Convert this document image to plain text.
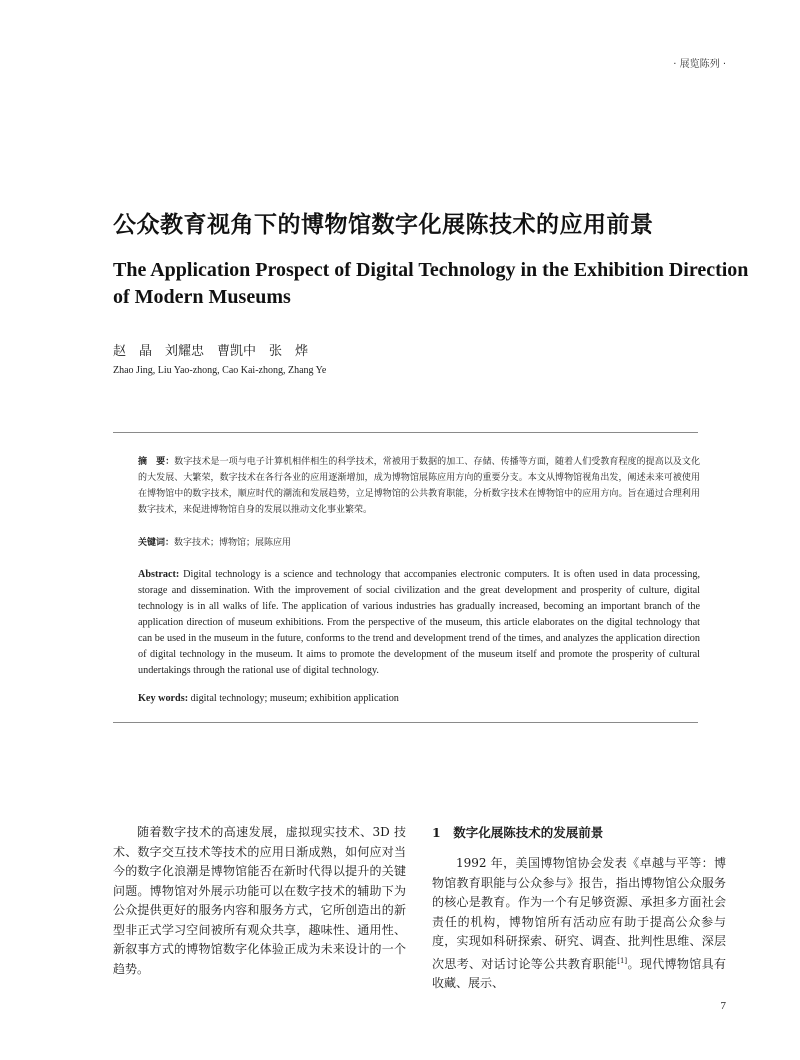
· 展览陈列 ·
公众教育视角下的博物馆数字化展陈技术的应用前景
The Application Prospect of Digital Technology in the Exhibition Direction of Modern Museums
赵　晶　刘耀忠　曹凯中　张　烨
Zhao Jing, Liu Yao-zhong, Cao Kai-zhong, Zhang Ye
摘　要：数字技术是一项与电子计算机相伴相生的科学技术，常被用于数据的加工、存储、传播等方面，随着人们受教育程度的提高以及文化的大发展、大繁荣，数字技术在各行各业的应用逐渐增加，成为博物馆展陈应用方向的重要分支。本文从博物馆视角出发，阐述未来可被使用在博物馆中的数字技术，顺应时代的潮流和发展趋势，立足博物馆的公共教育职能，分析数字技术在博物馆中的应用方向。旨在通过合理利用数字技术，来促进博物馆自身的发展以推动文化事业繁荣。
关键词：数字技术；博物馆；展陈应用
Abstract: Digital technology is a science and technology that accompanies electronic computers. It is often used in data processing, storage and dissemination. With the improvement of social civilization and the great development and prosperity of culture, digital technology is in all walks of life. The application of various industries has gradually increased, becoming an important branch of the application direction of museum exhibitions. From the perspective of the museum, this article elaborates on the digital technology that can be used in the museum in the future, conforms to the trend and development trend of the times, and analyzes the application direction of digital technology in the museum. It aims to promote the development of the museum itself and promote the prosperity of cultural undertakings through the rational use of digital technology.
Key words: digital technology; museum; exhibition application

随着数字技术的高速发展，虚拟现实技术、3D 技术、数字交互技术等技术的应用日渐成熟，如何应对当今的数字化浪潮是博物馆能否在新时代得以提升的关键问题。博物馆对外展示功能可以在数字技术的辅助下为公众提供更好的服务内容和服务方式，它所创造出的新型非正式学习空间被所有观众共享，趣味性、通用性、新叙事方式的博物馆数字化体验正成为未来设计的一个趋势。

1　数字化展陈技术的发展前景

1992 年，美国博物馆协会发表《卓越与平等：博物馆教育职能与公众参与》报告，指出博物馆公众服务的核心是教育。作为一个有足够资源、承担多方面社会责任的机构，博物馆所有活动应有助于提高公众参与度，实现如科研探索、研究、调查、批判性思维、深层次思考、对话讨论等公共教育职能[1]。现代博物馆具有收藏、展示、

7
